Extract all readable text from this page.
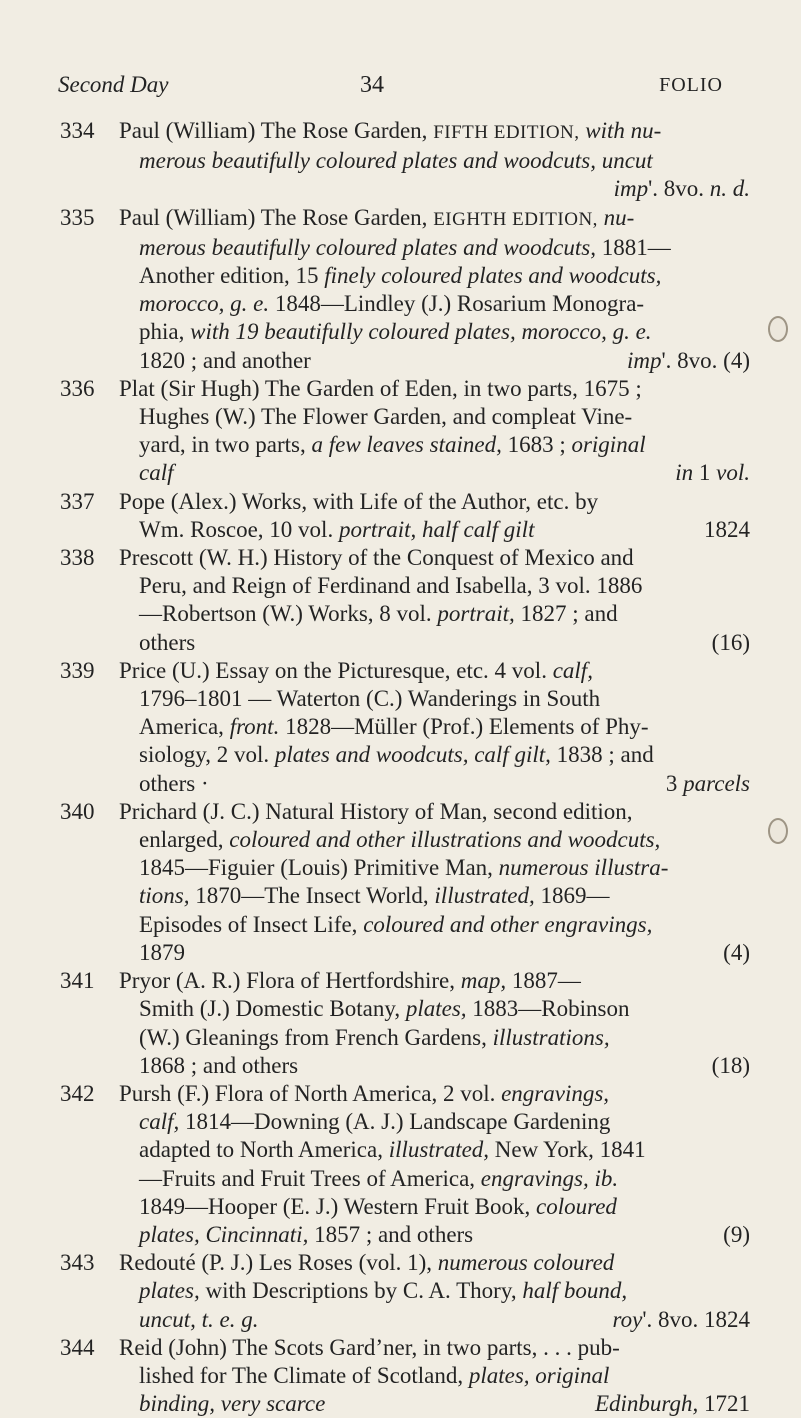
Second Day	34	FOLIO
334 Paul (William) The Rose Garden, FIFTH EDITION, with nu-
merous beautifully coloured plates and woodcuts, uncut
imp'. 8vo. n. d.
335 Paul (William) The Rose Garden, EIGHTH EDITION, nu-
merous beautifully coloured plates and woodcuts, 1881—
Another edition, 15 finely coloured plates and woodcuts,
morocco, g. e. 1848—Lindley (J.) Rosarium Monogra-
phia, with 19 beautifully coloured plates, morocco, g. e.
1820 ; and another	imp'. 8vo. (4)
336 Plat (Sir Hugh) The Garden of Eden, in two parts, 1675 ;
Hughes (W.) The Flower Garden, and compleat Vine-
yard, in two parts, a few leaves stained, 1683 ; original
calf	in 1 vol.
337 Pope (Alex.) Works, with Life of the Author, etc. by
Wm. Roscoe, 10 vol. portrait, half calf gilt	1824
338 Prescott (W. H.) History of the Conquest of Mexico and
Peru, and Reign of Ferdinand and Isabella, 3 vol. 1886
—Robertson (W.) Works, 8 vol. portrait, 1827 ; and
others	(16)
339 Price (U.) Essay on the Picturesque, etc. 4 vol. calf,
1796–1801 — Waterton (C.) Wanderings in South
America, front. 1828—Müller (Prof.) Elements of Phy-
siology, 2 vol. plates and woodcuts, calf gilt, 1838 ; and
others ·	3 parcels
340 Prichard (J. C.) Natural History of Man, second edition,
enlarged, coloured and other illustrations and woodcuts,
1845—Figuier (Louis) Primitive Man, numerous illustra-
tions, 1870—The Insect World, illustrated, 1869—
Episodes of Insect Life, coloured and other engravings,
1879	(4)
341 Pryor (A. R.) Flora of Hertfordshire, map, 1887—
Smith (J.) Domestic Botany, plates, 1883—Robinson
(W.) Gleanings from French Gardens, illustrations,
1868 ; and others	(18)
342 Pursh (F.) Flora of North America, 2 vol. engravings,
calf, 1814—Downing (A. J.) Landscape Gardening
adapted to North America, illustrated, New York, 1841
—Fruits and Fruit Trees of America, engravings, ib.
1849—Hooper (E. J.) Western Fruit Book, coloured
plates, Cincinnati, 1857 ; and others	(9)
343 Redouté (P. J.) Les Roses (vol. 1), numerous coloured
plates, with Descriptions by C. A. Thory, half bound,
uncut, t. e. g.	roy'. 8vo. 1824
344 Reid (John) The Scots Gard’ner, in two parts, . . . pub-
lished for The Climate of Scotland, plates, original
binding, very scarce	Edinburgh, 1721
